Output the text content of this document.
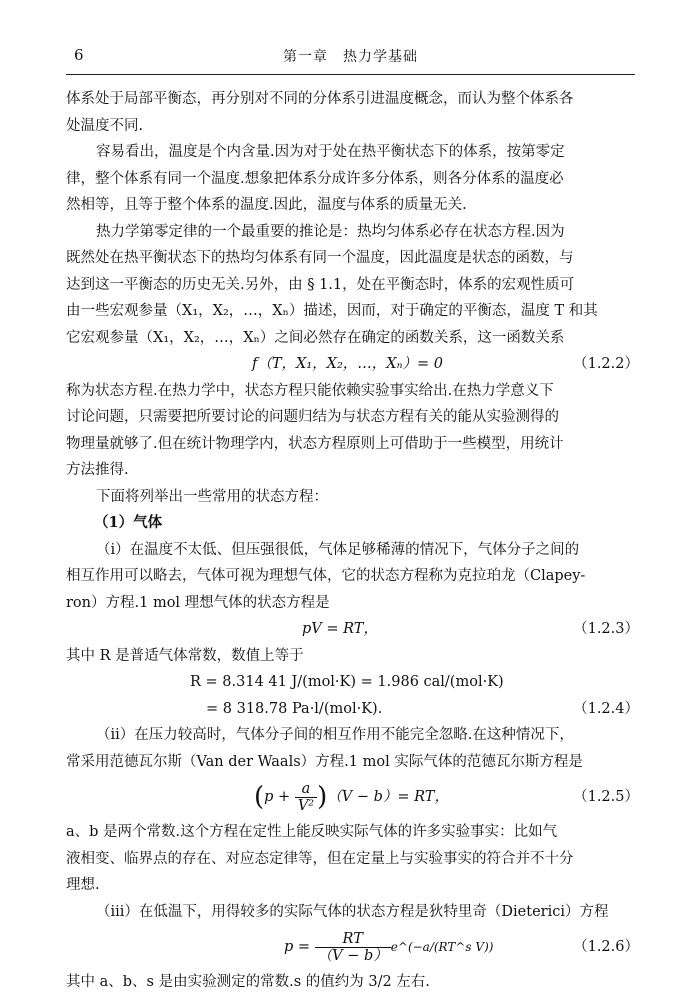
6	第一章　热力学基础
体系处于局部平衡态，再分别对不同的分体系引进温度概念，而认为整个体系各
处温度不同.
容易看出，温度是个内含量.因为对于处在热平衡状态下的体系，按第零定
律，整个体系有同一个温度.想象把体系分成许多分体系，则各分体系的温度必
然相等，且等于整个体系的温度.因此，温度与体系的质量无关.
热力学第零定律的一个最重要的推论是：热均匀体系必存在状态方程.因为
既然处在热平衡状态下的热均匀体系有同一个温度，因此温度是状态的函数，与
达到这一平衡态的历史无关.另外，由 § 1.1，处在平衡态时，体系的宏观性质可
由一些宏观参量（X₁，X₂，…，Xₙ）描述，因而，对于确定的平衡态，温度 T 和其
它宏观参量（X₁，X₂，…，Xₙ）之间必然存在确定的函数关系，这一函数关系
f（T，X₁，X₂，…，Xₙ）= 0	（1.2.2）
称为状态方程.在热力学中，状态方程只能依赖实验事实给出.在热力学意义下
讨论问题，只需要把所要讨论的问题归结为与状态方程有关的能从实验测得的
物理量就够了.但在统计物理学内，状态方程原则上可借助于一些模型，用统计
方法推得.
下面将列举出一些常用的状态方程：
（1）气体
（i）在温度不太低、但压强很低，气体足够稀薄的情况下，气体分子之间的
相互作用可以略去，气体可视为理想气体，它的状态方程称为克拉珀龙（Clapey-
ron）方程.1 mol 理想气体的状态方程是
pV = RT，	（1.2.3）
其中 R 是普适气体常数，数值上等于
R = 8.314 41 J/(mol·K) = 1.986 cal/(mol·K)
= 8 318.78 Pa·l/(mol·K).	（1.2.4）
（ii）在压力较高时，气体分子间的相互作用不能完全忽略.在这种情况下，
常采用范德瓦尔斯（Van der Waals）方程.1 mol 实际气体的范德瓦尔斯方程是
$(p + \frac{a}{\text{V²}} )(V - b)=$ RT，	（1.2.5）
a、b 是两个常数.这个方程在定性上能反映实际气体的许多实验事实：比如气
液相变、临界点的存在、对应态定律等，但在定量上与实验事实的符合并不十分
理想.
（iii）在低温下，用得较多的实际气体的状态方程是狄特里奇（Dieterici）方程
$p = \frac{RT}{(V - b)}$ e^(−a/(RT^s V))	（1.2.6）
其中 a、b、s 是由实验测定的常数.s 的值约为 3/2 左右.
